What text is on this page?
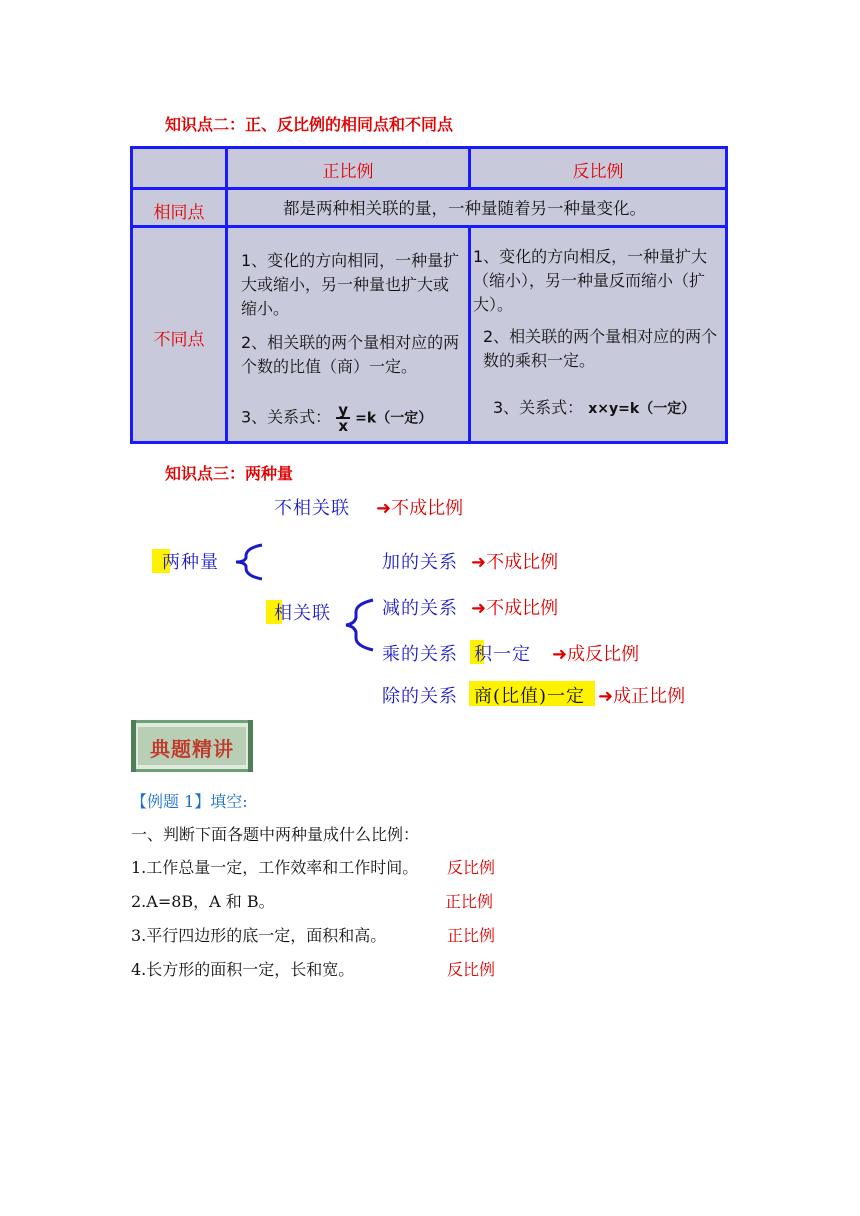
知识点二：正、反比例的相同点和不同点
正比例	反比例
相同点	都是两种相关联的量，一种量随着另一种量变化。
不同点
1、变化的方向相同，一种量扩大或缩小，另一种量也扩大或缩小。
2、相关联的两个量相对应的两个数的比值（商）一定。
3、关系式： $\frac{y}{x} =k$（一定）
1、变化的方向相反，一种量扩大（缩小），另一种量反而缩小（扩大）。
2、相关联的两个量相对应的两个数的乘积一定。
3、关系式： x×y=k（一定）
知识点三：两种量
两种量
不相关联 ➜不成比例
相关联
加的关系 ➜不成比例
减的关系 ➜不成比例
乘的关系 积一定 ➜成反比例
除的关系 商(比值)一定 ➜成正比例
典题精讲
【例题 1】填空:
一、判断下面各题中两种量成什么比例：
1.工作总量一定，工作效率和工作时间。 反比例
2.A=8B，A 和 B。	正比例
3.平行四边形的底一定，面积和高。	正比例
4.长方形的面积一定，长和宽。	反比例
